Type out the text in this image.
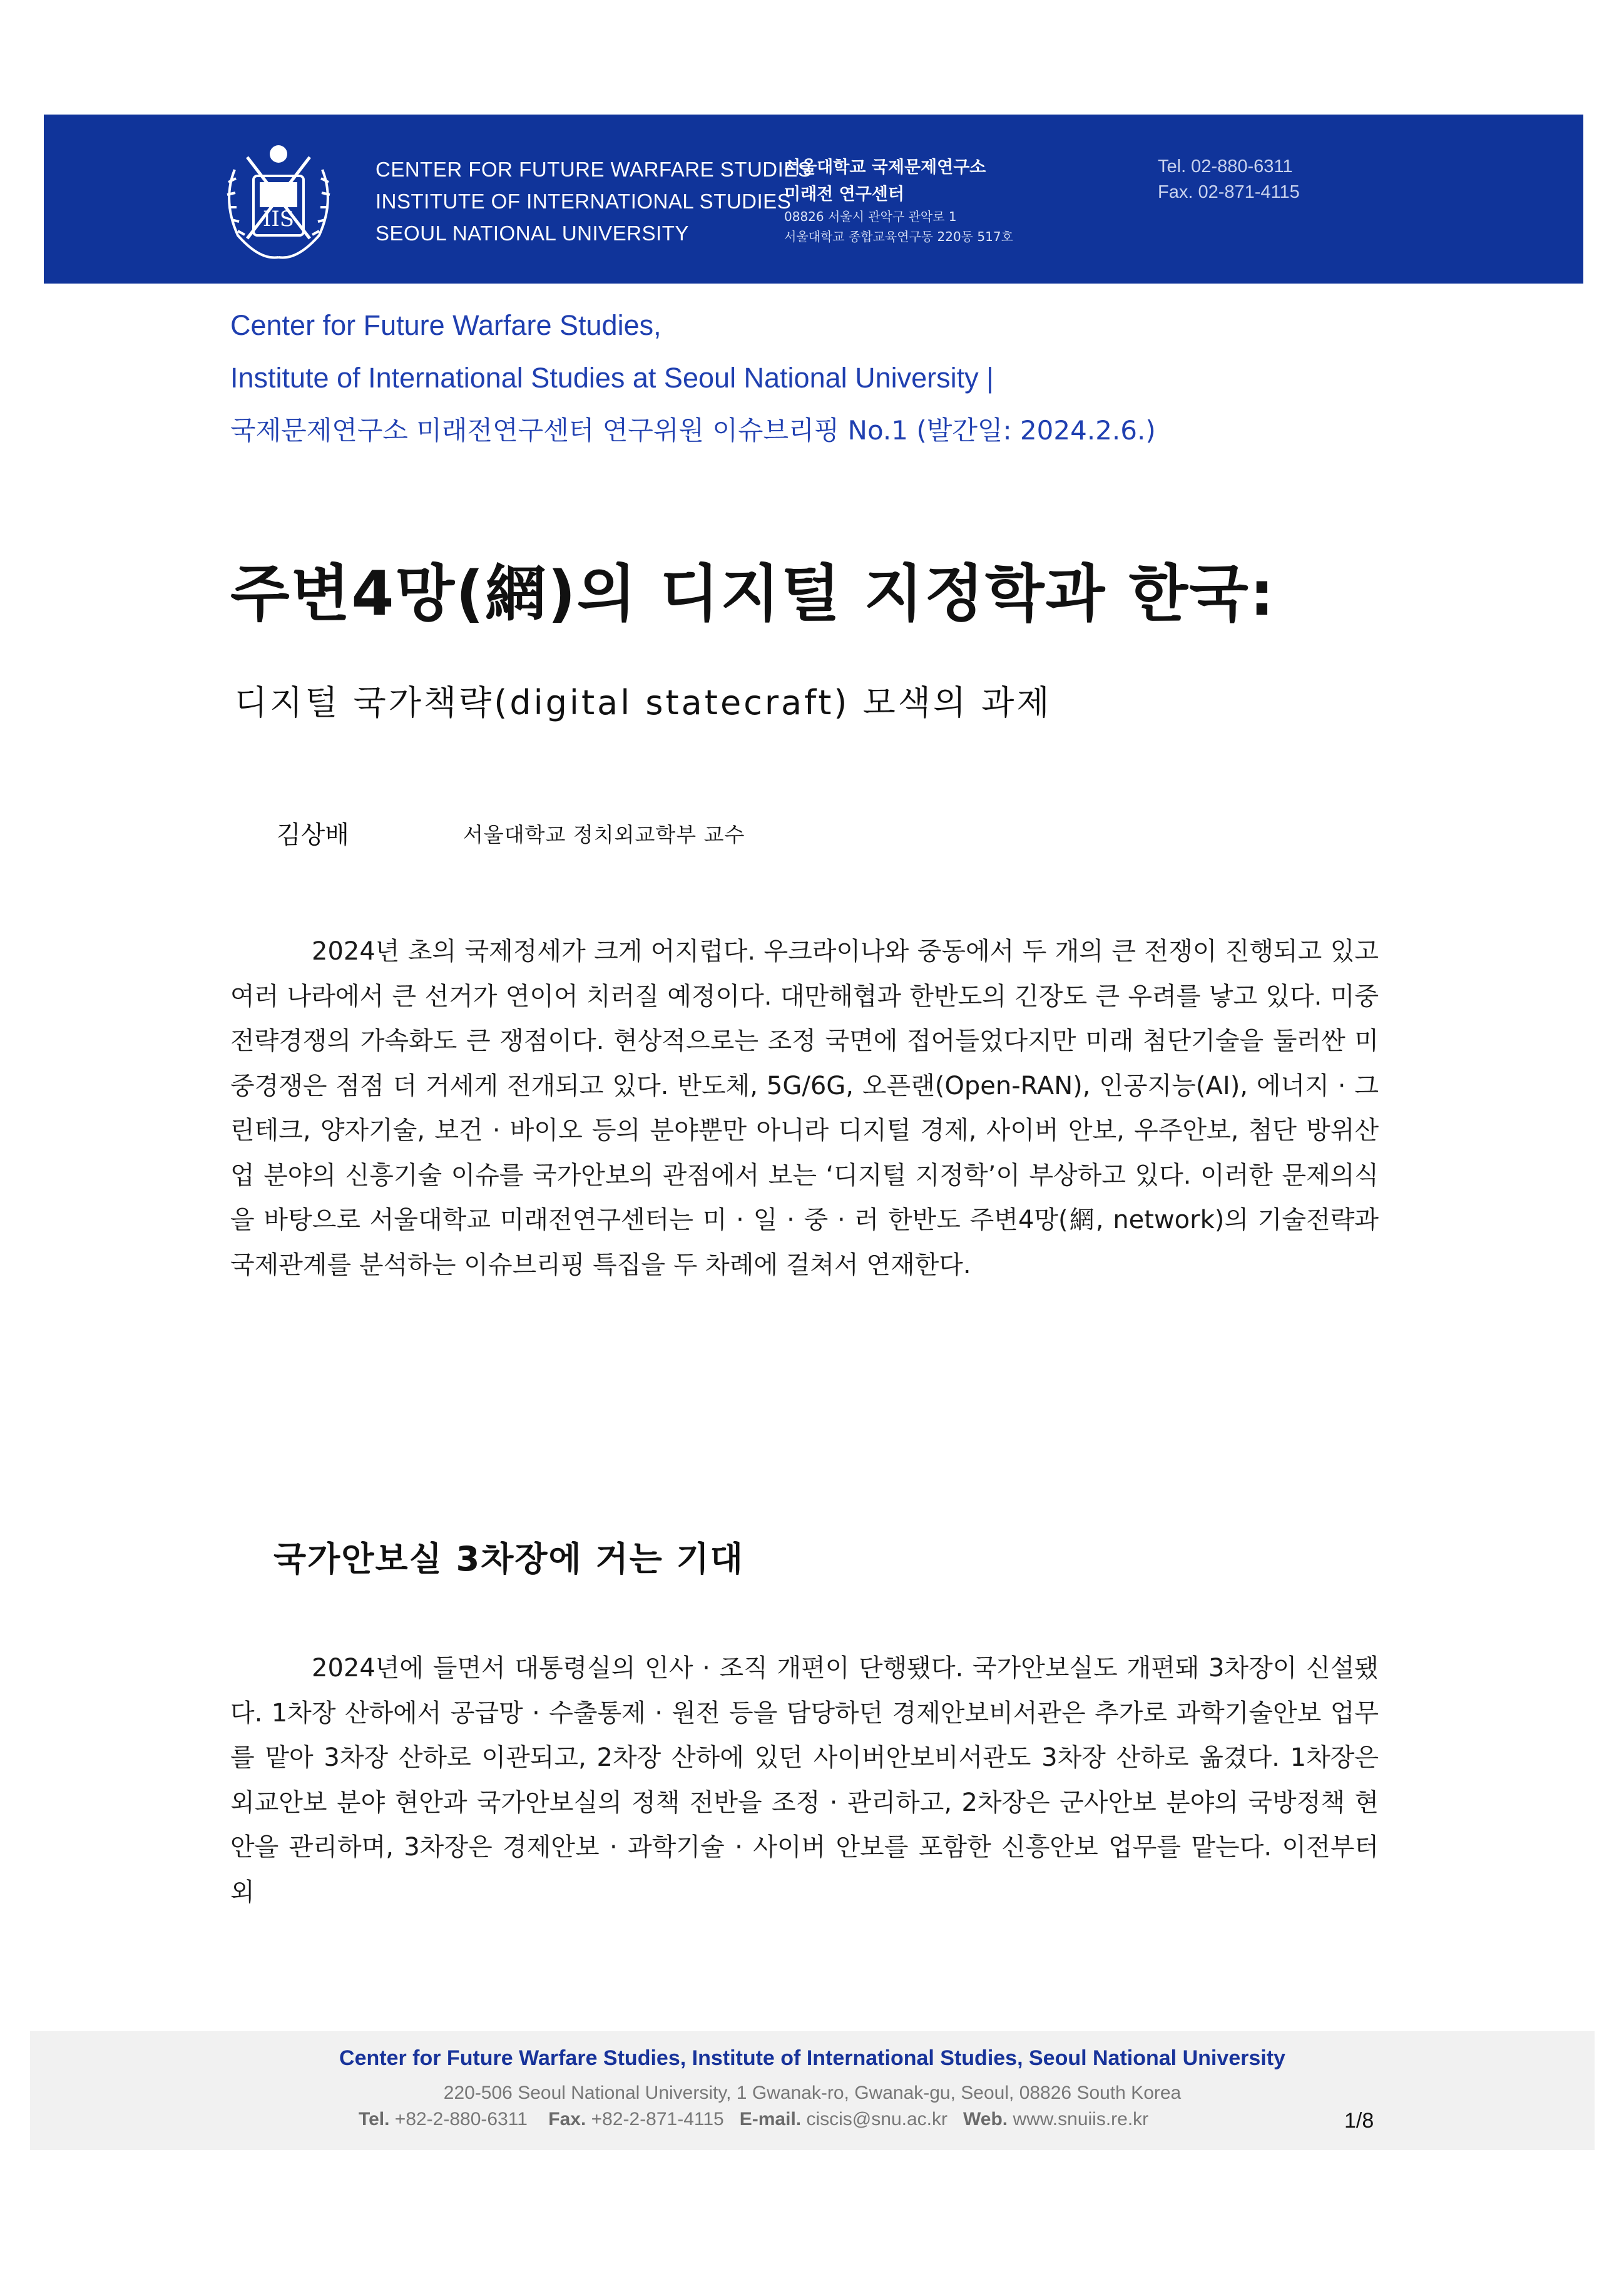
IIS
CENTER FOR FUTURE WARFARE STUDIES
INSTITUTE OF INTERNATIONAL STUDIES
SEOUL NATIONAL UNIVERSITY
서울대학교 국제문제연구소
미래전 연구센터
08826 서울시 관악구 관악로 1
서울대학교 종합교육연구동 220동 517호
Tel. 02-880-6311
Fax. 02-871-4115
Center for Future Warfare Studies,
Institute of International Studies at Seoul National University |
국제문제연구소 미래전연구센터 연구위원 이슈브리핑 No.1 (발간일: 2024.2.6.)
주변4망(網)의 디지털 지정학과 한국:
디지털 국가책략(digital statecraft) 모색의 과제
김상배	서울대학교 정치외교학부 교수

2024년 초의 국제정세가 크게 어지럽다. 우크라이나와 중동에서 두 개의 큰 전쟁이 진행되고 있고 여러 나라에서 큰 선거가 연이어 치러질 예정이다. 대만해협과 한반도의 긴장도 큰 우려를 낳고 있다. 미중 전략경쟁의 가속화도 큰 쟁점이다. 현상적으로는 조정 국면에 접어들었다지만 미래 첨단기술을 둘러싼 미중경쟁은 점점 더 거세게 전개되고 있다. 반도체, 5G/6G, 오픈랜(Open-RAN), 인공지능(AI), 에너지 · 그린테크, 양자기술, 보건 · 바이오 등의 분야뿐만 아니라 디지털 경제, 사이버 안보, 우주안보, 첨단 방위산업 분야의 신흥기술 이슈를 국가안보의 관점에서 보는 ‘디지털 지정학’이 부상하고 있다. 이러한 문제의식을 바탕으로 서울대학교 미래전연구센터는 미 · 일 · 중 · 러 한반도 주변4망(網, network)의 기술전략과 국제관계를 분석하는 이슈브리핑 특집을 두 차례에 걸쳐서 연재한다.

국가안보실 3차장에 거는 기대

2024년에 들면서 대통령실의 인사 · 조직 개편이 단행됐다. 국가안보실도 개편돼 3차장이 신설됐다. 1차장 산하에서 공급망 · 수출통제 · 원전 등을 담당하던 경제안보비서관은 추가로 과학기술안보 업무를 맡아 3차장 산하로 이관되고, 2차장 산하에 있던 사이버안보비서관도 3차장 산하로 옮겼다. 1차장은 외교안보 분야 현안과 국가안보실의 정책 전반을 조정 · 관리하고, 2차장은 군사안보 분야의 국방정책 현안을 관리하며, 3차장은 경제안보 · 과학기술 · 사이버 안보를 포함한 신흥안보 업무를 맡는다. 이전부터 외

Center for Future Warfare Studies, Institute of International Studies, Seoul National University
220-506 Seoul National University, 1 Gwanak-ro, Gwanak-gu, Seoul, 08826 South Korea
Tel. +82-2-880-6311 Fax. +82-2-871-4115 E-mail. ciscis@snu.ac.kr Web. www.snuiis.re.kr	1/8
